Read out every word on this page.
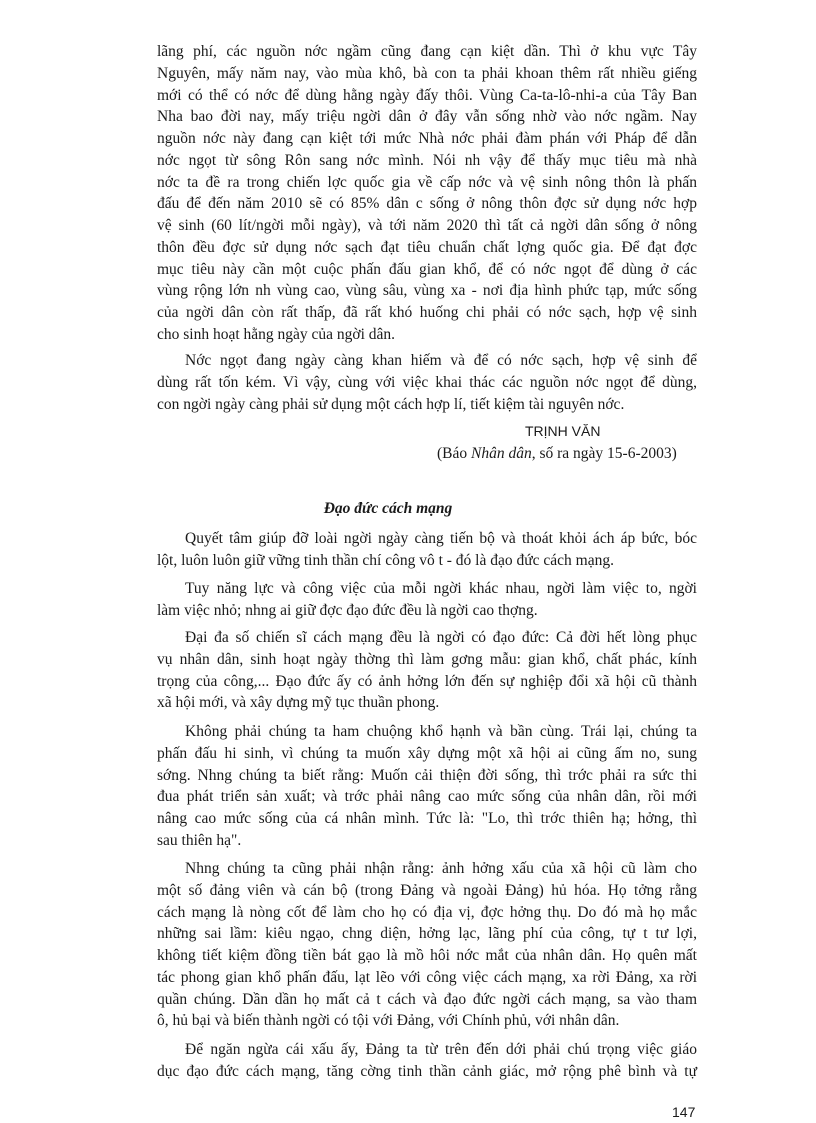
lãng phí, các nguồn nớc ngầm cũng đang cạn kiệt dần. Thì ở khu vực Tây
Nguyên, mấy năm nay, vào mùa khô, bà con ta phải khoan thêm rất nhiều giếng
mới có thể có nớc để dùng hằng ngày đấy thôi. Vùng Ca-ta-lô-nhi-a của Tây Ban
Nha bao đời nay, mấy triệu ngời dân ở đây vẫn sống nhờ vào nớc ngầm. Nay
nguồn nớc này đang cạn kiệt tới mức Nhà nớc phải đàm phán với Pháp để dẫn
nớc ngọt từ sông Rôn sang nớc mình. Nói nh vậy để thấy mục tiêu mà nhà
nớc ta đề ra trong chiến lợc quốc gia về cấp nớc và vệ sinh nông thôn là phấn
đấu để đến năm 2010 sẽ có 85% dân c sống ở nông thôn đợc sử dụng nớc hợp
vệ sinh (60 lít/ngời mỗi ngày), và tới năm 2020 thì tất cả ngời dân sống ở nông
thôn đều đợc sử dụng nớc sạch đạt tiêu chuẩn chất lợng quốc gia. Để đạt đợc
mục tiêu này cần một cuộc phấn đấu gian khổ, để có nớc ngọt để dùng ở các
vùng rộng lớn nh vùng cao, vùng sâu, vùng xa - nơi địa hình phức tạp, mức sống
của ngời dân còn rất thấp, đã rất khó huống chi phải có nớc sạch, hợp vệ sinh
cho sinh hoạt hằng ngày của ngời dân.
Nớc ngọt đang ngày càng khan hiếm và để có nớc sạch, hợp vệ sinh để
dùng rất tốn kém. Vì vậy, cùng với việc khai thác các nguồn nớc ngọt để dùng,
con ngời ngày càng phải sử dụng một cách hợp lí, tiết kiệm tài nguyên nớc.
TRỊNH VĂN
(Báo Nhân dân, số ra ngày 15-6-2003)
Đạo đức cách mạng
Quyết tâm giúp đỡ loài ngời ngày càng tiến bộ và thoát khỏi ách áp bức, bóc
lột, luôn luôn giữ vững tinh thần chí công vô t - đó là đạo đức cách mạng.
Tuy năng lực và công việc của mỗi ngời khác nhau, ngời làm việc to, ngời
làm việc nhỏ; nhng ai giữ đợc đạo đức đều là ngời cao thợng.
Đại đa số chiến sĩ cách mạng đều là ngời có đạo đức: Cả đời hết lòng phục
vụ nhân dân, sinh hoạt ngày thờng thì làm gơng mẫu: gian khổ, chất phác, kính
trọng của công,... Đạo đức ấy có ảnh hởng lớn đến sự nghiệp đổi xã hội cũ thành
xã hội mới, và xây dựng mỹ tục thuần phong.
Không phải chúng ta ham chuộng khổ hạnh và bần cùng. Trái lại, chúng ta
phấn đấu hi sinh, vì chúng ta muốn xây dựng một xã hội ai cũng ấm no, sung
sớng. Nhng chúng ta biết rằng: Muốn cải thiện đời sống, thì trớc phải ra sức thi
đua phát triển sản xuất; và trớc phải nâng cao mức sống của nhân dân, rồi mới
nâng cao mức sống của cá nhân mình. Tức là: "Lo, thì trớc thiên hạ; hởng, thì
sau thiên hạ".
Nhng chúng ta cũng phải nhận rằng: ảnh hởng xấu của xã hội cũ làm cho
một số đảng viên và cán bộ (trong Đảng và ngoài Đảng) hủ hóa. Họ tởng rằng
cách mạng là nòng cốt để làm cho họ có địa vị, đợc hởng thụ. Do đó mà họ mắc
những sai lầm: kiêu ngạo, chng diện, hởng lạc, lãng phí của công, tự t tư lợi,
không tiết kiệm đồng tiền bát gạo là mồ hôi nớc mắt của nhân dân. Họ quên mất
tác phong gian khổ phấn đấu, lạt lẽo với công việc cách mạng, xa rời Đảng, xa rời
quần chúng. Dần dần họ mất cả t cách và đạo đức ngời cách mạng, sa vào tham
ô, hủ bại và biến thành ngời có tội với Đảng, với Chính phủ, với nhân dân.
Để ngăn ngừa cái xấu ấy, Đảng ta từ trên đến dới phải chú trọng việc giáo
dục đạo đức cách mạng, tăng cờng tinh thần cảnh giác, mở rộng phê bình và tự
147
